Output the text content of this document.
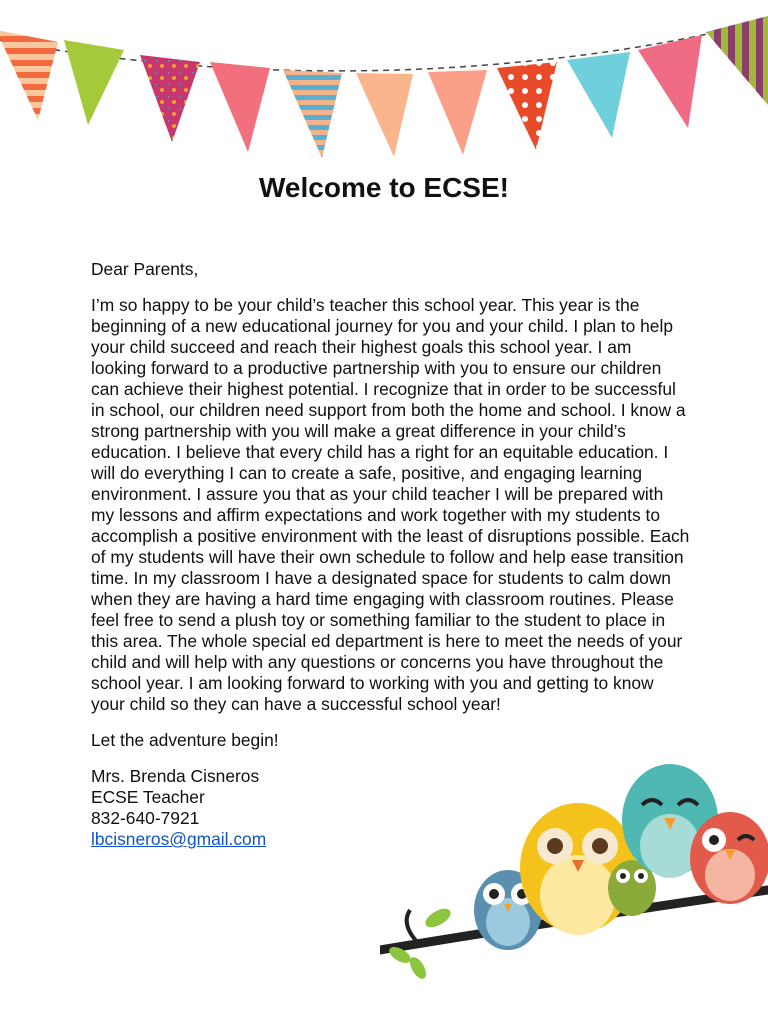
Welcome to ECSE!

Dear Parents,

I’m so happy to be your child’s teacher this school year. This year is the beginning of a new educational journey for you and your child. I plan to help your child succeed and reach their highest goals this school year. I am looking forward to a productive partnership with you to ensure our children can achieve their highest potential. I recognize that in order to be successful in school, our children need support from both the home and school. I know a strong partnership with you will make a great difference in your child’s education. I believe that every child has a right for an equitable education. I will do everything I can to create a safe, positive, and engaging learning environment. I assure you that as your child teacher I will be prepared with my lessons and affirm expectations and work together with my students to accomplish a positive environment with the least of disruptions possible. Each of my students will have their own schedule to follow and help ease transition time. In my classroom I have a designated space for students to calm down when they are having a hard time engaging with classroom routines. Please feel free to send a plush toy or something familiar to the student to place in this area. The whole special ed department is here to meet the needs of your child and will help with any questions or concerns you have throughout the school year. I am looking forward to working with you and getting to know your child so they can have a successful school year!

Let the adventure begin!

Mrs. Brenda Cisneros
ECSE Teacher
832-640-7921
lbcisneros@gmail.com
